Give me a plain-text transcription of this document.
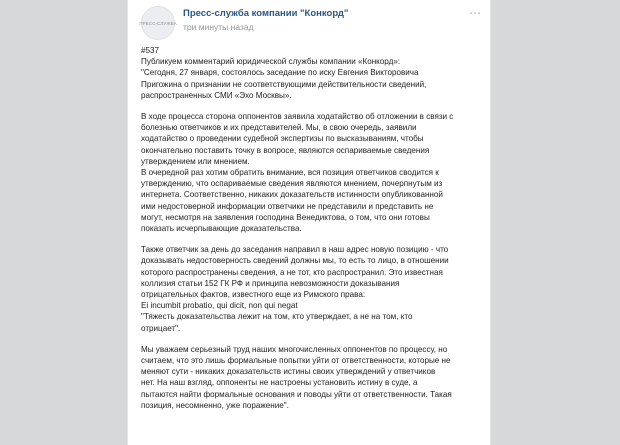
ПРЕСС-СЛУЖБА
Пресс-служба компании "Конкорд"
три минуты назад
⋯

#537
Публикуем комментарий юридической службы компании «Конкорд»:
"Сегодня, 27 января, состоялось заседание по иску Евгения Викторовича
Пригожина о признании не соответствующими действительности сведений,
распространенных СМИ «Эхо Москвы».

В ходе процесса сторона оппонентов заявила ходатайство об отложении в связи с
болезнью ответчиков и их представителей. Мы, в свою очередь, заявили
ходатайство о проведении судебной экспертизы по высказываниям, чтобы
окончательно поставить точку в вопросе, являются оспариваемые сведения
утверждением или мнением.

В очередной раз хотим обратить внимание, вся позиция ответчиков сводится к
утверждению, что оспариваемые сведения являются мнением, почерпнутым из
интернета. Соответственно, никаких доказательств истинности опубликованной
ими недостоверной информации ответчики не представили и представить не
могут, несмотря на заявления господина Венедиктова, о том, что они готовы
показать исчерпывающие доказательства.

Также ответчик за день до заседания направил в наш адрес новую позицию - что
доказывать недостоверность сведений должны мы, то есть то лицо, в отношении
которого распространены сведения, а не тот, кто распространил. Это известная
коллизия статьи 152 ГК РФ и принципа невозможности доказывания
отрицательных фактов, известного еще из Римского права:
Ei incumbit probatio, qui dicit, non qui negat
"Тяжесть доказательства лежит на том, кто утверждает, а не на том, кто
отрицает".

Мы уважаем серьезный труд наших многочисленных оппонентов по процессу, но
считаем, что это лишь формальные попытки уйти от ответственности, которые не
меняют сути - никаких доказательств истины своих утверждений у ответчиков
нет. На наш взгляд, оппоненты не настроены установить истину в суде, а
пытаются найти формальные основания и поводы уйти от ответственности. Такая
позиция, несомненно, уже поражение".
